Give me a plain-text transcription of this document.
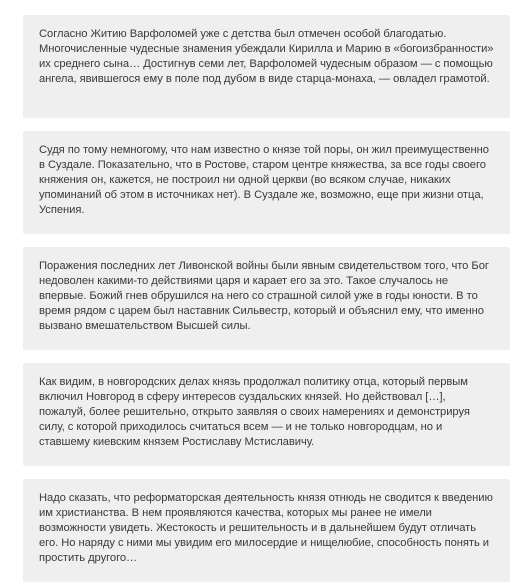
Согласно Житию Варфоломей уже с детства был отмечен особой благодатью. Многочисленные чудесные знамения убеждали Кирилла и Марию в «богоизбранности» их среднего сына… Достигнув семи лет, Варфоломей чудесным образом — с помощью ангела, явившегося ему в поле под дубом в виде старца-монаха, — овладел грамотой.

Судя по тому немногому, что нам известно о князе той поры, он жил преимущественно в Суздале. Показательно, что в Ростове, старом центре княжества, за все годы своего княжения он, кажется, не построил ни одной церкви (во всяком случае, никаких упоминаний об этом в источниках нет). В Суздале же, возможно, еще при жизни отца, Успения.

Поражения последних лет Ливонской войны были явным свидетельством того, что Бог недоволен какими-то действиями царя и карает его за это. Такое случалось не впервые. Божий гнев обрушился на него со страшной силой уже в годы юности. В то время рядом с царем был наставник Сильвестр, который и объяснил ему, что именно вызвано вмешательством Высшей силы.

Как видим, в новгородских делах князь продолжал политику отца, который первым включил Новгород в сферу интересов суздальских князей. Но действовал […], пожалуй, более решительно, открыто заявляя о своих намерениях и демонстрируя силу, с которой приходилось считаться всем — и не только новгородцам, но и ставшему киевским князем Ростиславу Мстиславичу.

Надо сказать, что реформаторская деятельность князя отнюдь не сводится к введению им христианства. В нем проявляются качества, которых мы ранее не имели возможности увидеть. Жестокость и решительность и в дальнейшем будут отличать его. Но наряду с ними мы увидим его милосердие и нищелюбие, способность понять и простить другого…
